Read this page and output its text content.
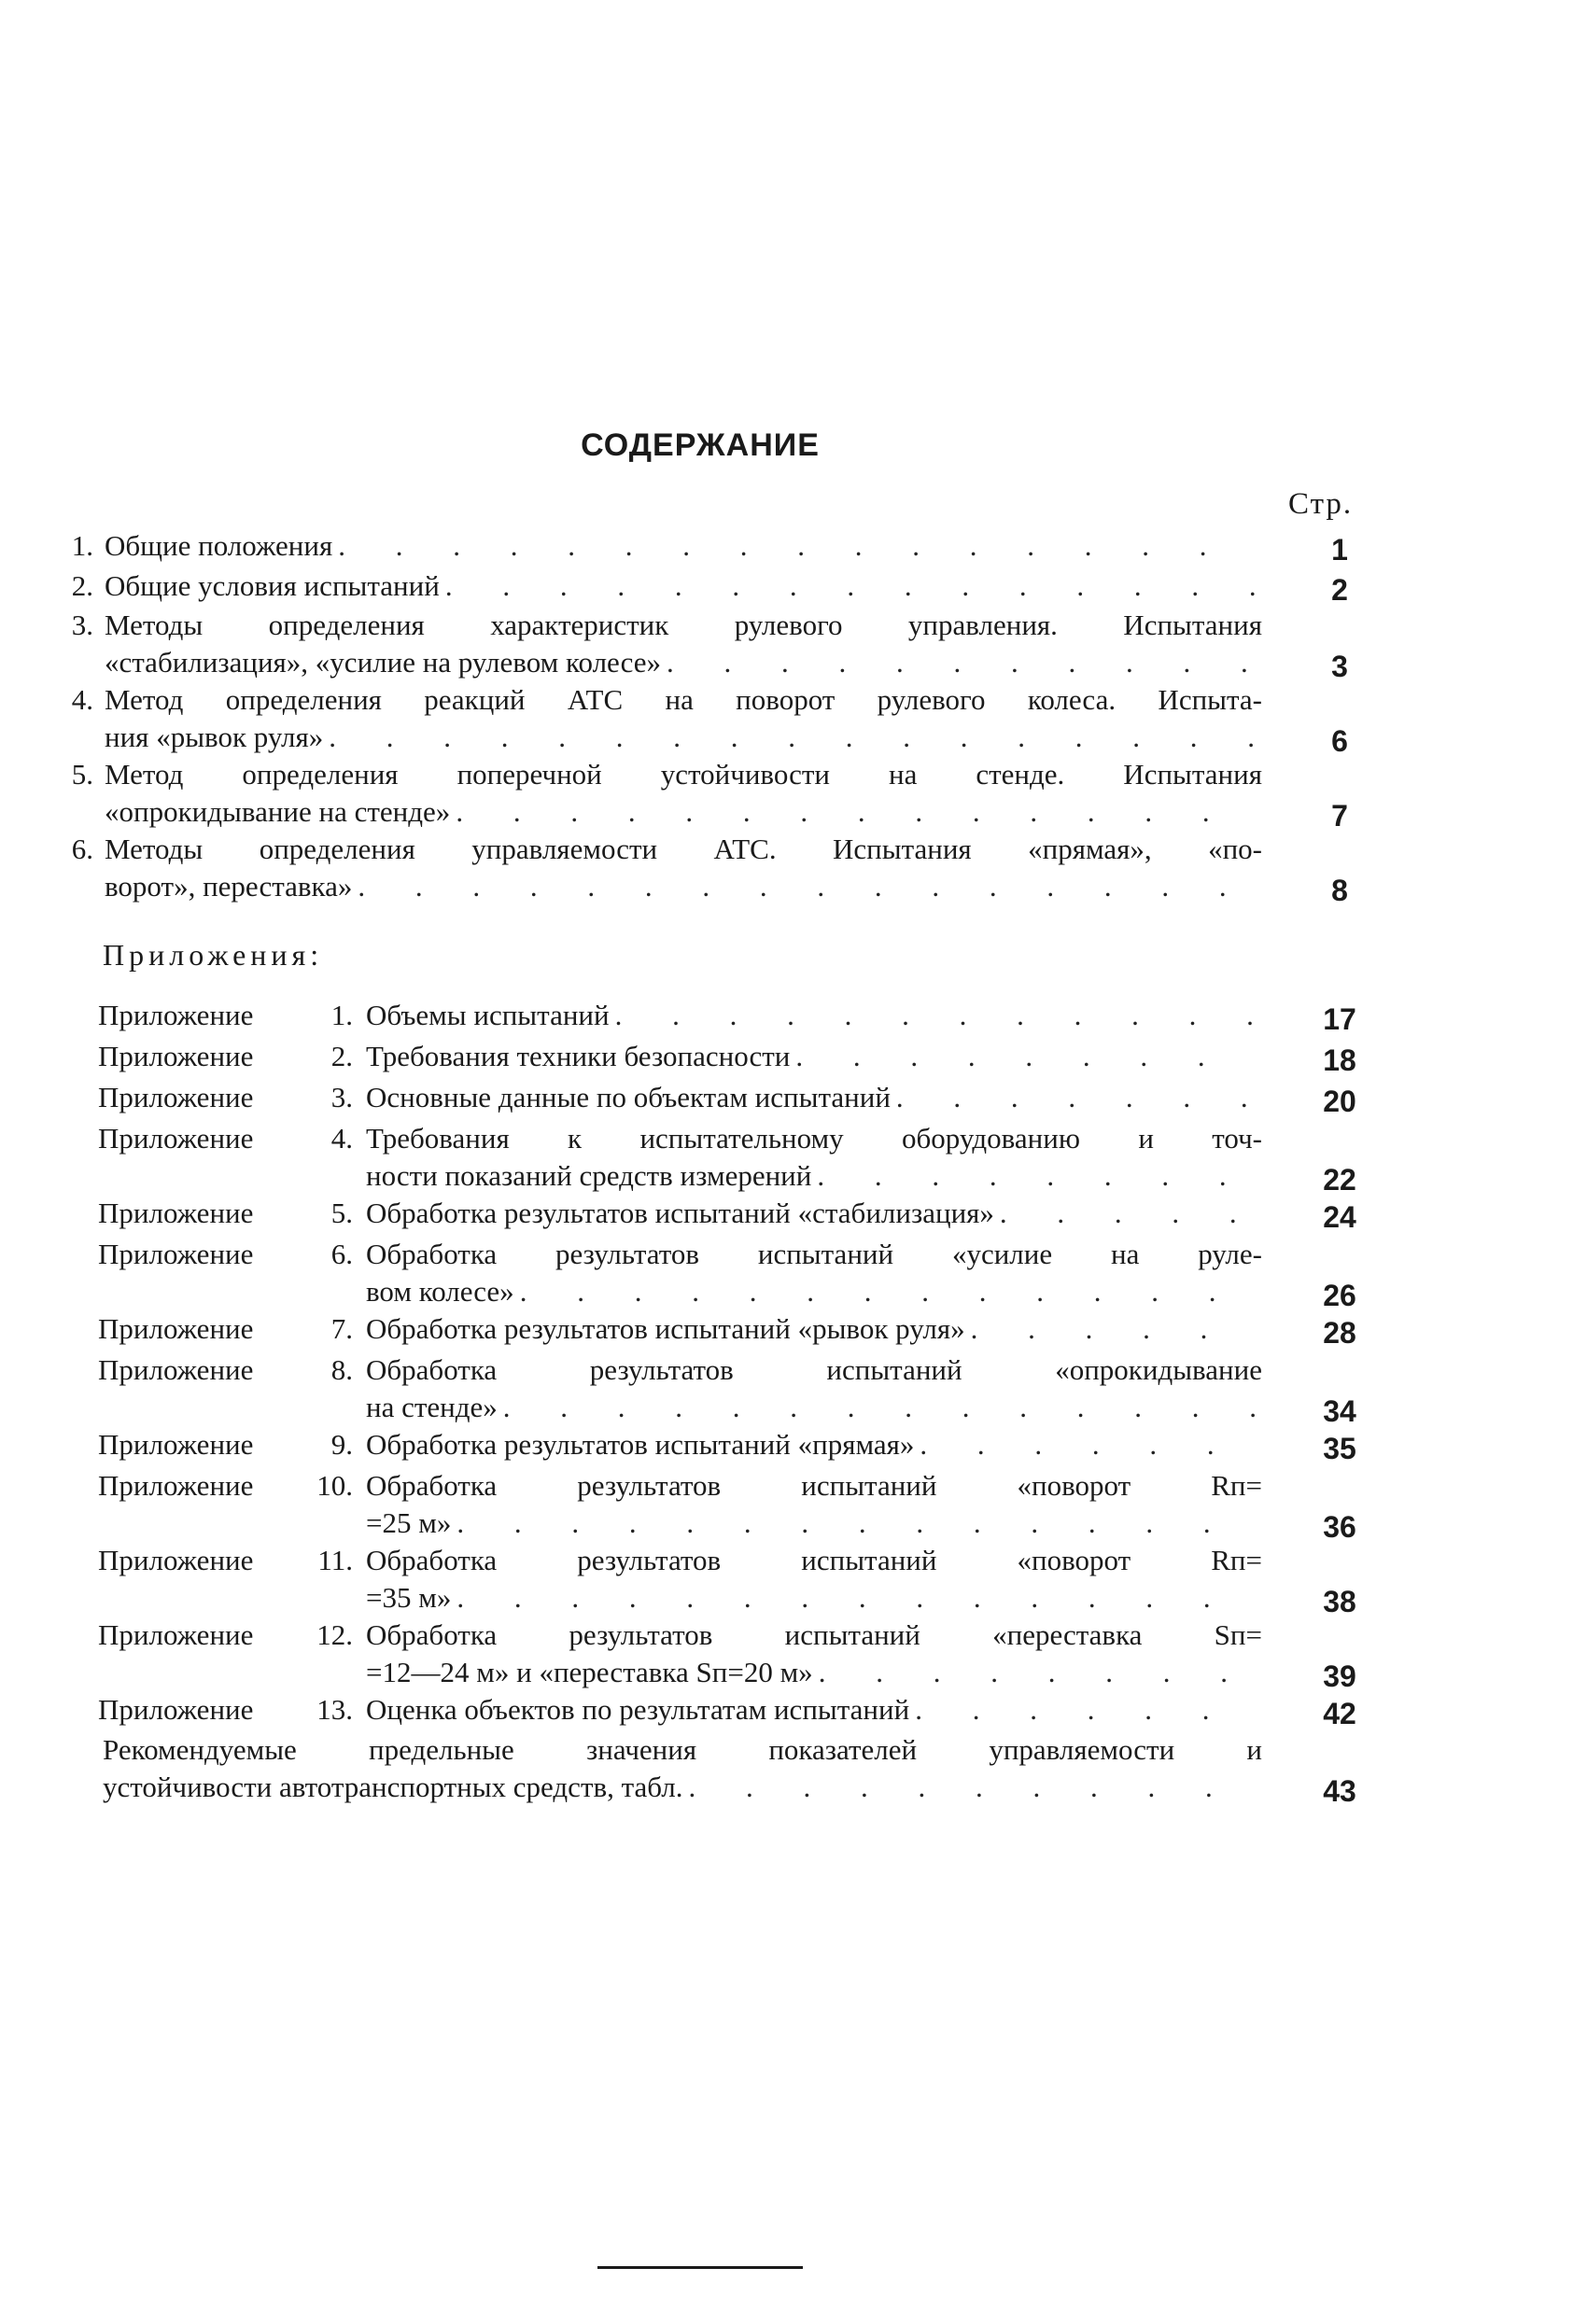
СОДЕРЖАНИЕ
Стр.
1. Общие положения . . .	1
2. Общие условия испытаний . . .	2
3. Методы определения характеристик рулевого управления. Испытания
«стабилизация», «усилие на рулевом колесе» . . .	3
4. Метод определения реакций АТС на поворот рулевого колеса. Испыта-
ния «рывок руля» . . .	6
5. Метод определения поперечной устойчивости на стенде. Испытания
«опрокидывание на стенде» . . .	7
6. Методы определения управляемости АТС. Испытания «прямая», «по-
ворот», переставка» . . .	8
Приложения:
Приложение	1. Объемы испытаний . . .	17
Приложение	2. Требования техники безопасности . . .	18
Приложение	3. Основные данные по объектам испытаний . . .	20
Приложение	4. Требования к испытательному оборудованию и точ-
ности показаний средств измерений . . .	22
Приложение	5. Обработка результатов испытаний «стабилизация» . . .	24
Приложение	6. Обработка результатов испытаний «усилие на руле-
вом колесе» . . .	26
Приложение	7. Обработка результатов испытаний «рывок руля» . . .	28
Приложение	8. Обработка результатов испытаний «опрокидывание
на стенде» . . .	34
Приложение	9. Обработка результатов испытаний «прямая» . . .	35
Приложение	10. Обработка результатов испытаний «поворот Rп=
=25 м» . . .	36
Приложение	11. Обработка результатов испытаний «поворот Rп=
=35 м» . . .	38
Приложение	12. Обработка результатов испытаний «переставка Sп=
=12—24 м» и «переставка Sп=20 м» . . .	39
Приложение	13. Оценка объектов по результатам испытаний . . .	42
Рекомендуемые предельные значения показателей управляемости и
устойчивости автотранспортных средств, табл. . . .	43
